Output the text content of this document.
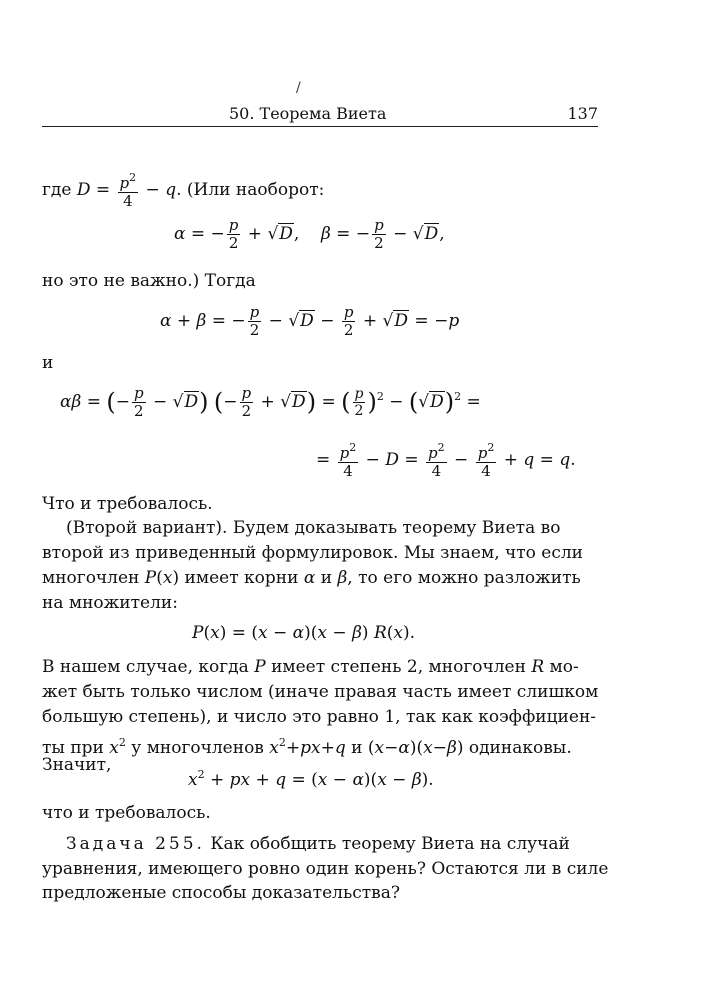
/
50. Теорема Виета	137
где $D = \frac{p^2}{4} - q$. (Или наоборот:
α = − $\frac{p}{2} + √D$,    β = − $\frac{p}{2} - √D$,
но это не важно.) Тогда
α + β = − $\frac{p}{2} - √D - \frac{p}{2} + √D = -p$
и
αβ = (− $\frac{p}{2} - √D$) (− $\frac{p}{2} + √D$) = ( $\frac{p}{2} )^2 - (√D)^2$ =
= $\frac{p^2}{4} - D = \frac{p^2}{4} - \frac{p^2}{4} + q = q$.
Что и требовалось.
(Второй вариант). Будем доказывать теорему Виета во
второй из приведенный формулировок. Мы знаем, что если
многочлен P(x) имеет корни α и β, то его можно разложить
на множители:
P(x) = (x − α)(x − β) R(x).
В нашем случае, когда P имеет степень 2, многочлен R мо-
жет быть только числом (иначе правая часть имеет слишком
большую степень), и число это равно 1, так как коэффициен-
ты при $x^2$ у многочленов $x^2+px+q$ и (x−α)(x−β) одинаковы.
Значит,
$x^2$ + px + q = (x − α)(x − β).
что и требовалось.
Задача 255. Как обобщить теорему Виета на случай
уравнения, имеющего ровно один корень? Остаются ли в силе
предложеные способы доказательства?
